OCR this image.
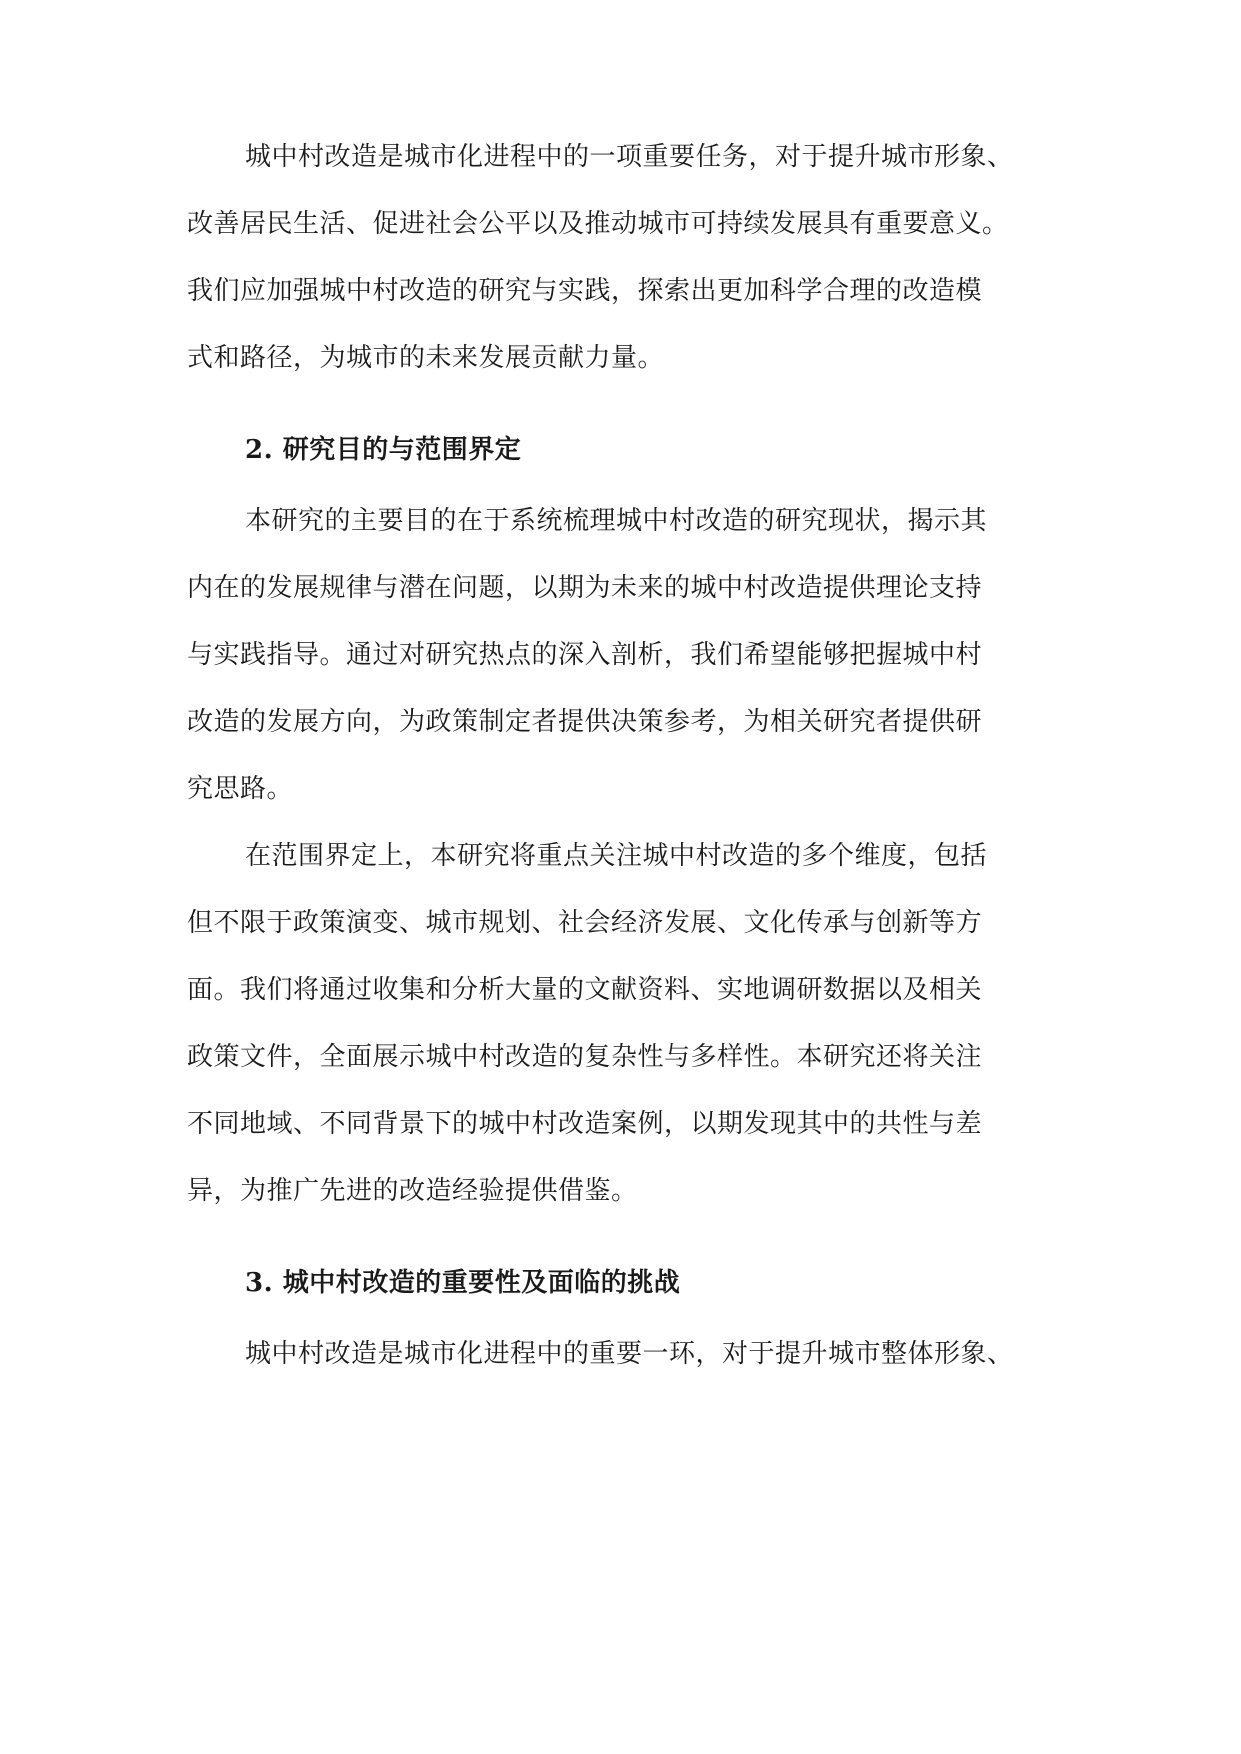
城中村改造是城市化进程中的一项重要任务，对于提升城市形象、
改善居民生活、促进社会公平以及推动城市可持续发展具有重要意义。
我们应加强城中村改造的研究与实践，探索出更加科学合理的改造模
式和路径，为城市的未来发展贡献力量。
2. 研究目的与范围界定
本研究的主要目的在于系统梳理城中村改造的研究现状，揭示其
内在的发展规律与潜在问题，以期为未来的城中村改造提供理论支持
与实践指导。通过对研究热点的深入剖析，我们希望能够把握城中村
改造的发展方向，为政策制定者提供决策参考，为相关研究者提供研
究思路。
在范围界定上，本研究将重点关注城中村改造的多个维度，包括
但不限于政策演变、城市规划、社会经济发展、文化传承与创新等方
面。我们将通过收集和分析大量的文献资料、实地调研数据以及相关
政策文件，全面展示城中村改造的复杂性与多样性。本研究还将关注
不同地域、不同背景下的城中村改造案例，以期发现其中的共性与差
异，为推广先进的改造经验提供借鉴。
3. 城中村改造的重要性及面临的挑战
城中村改造是城市化进程中的重要一环，对于提升城市整体形象、
